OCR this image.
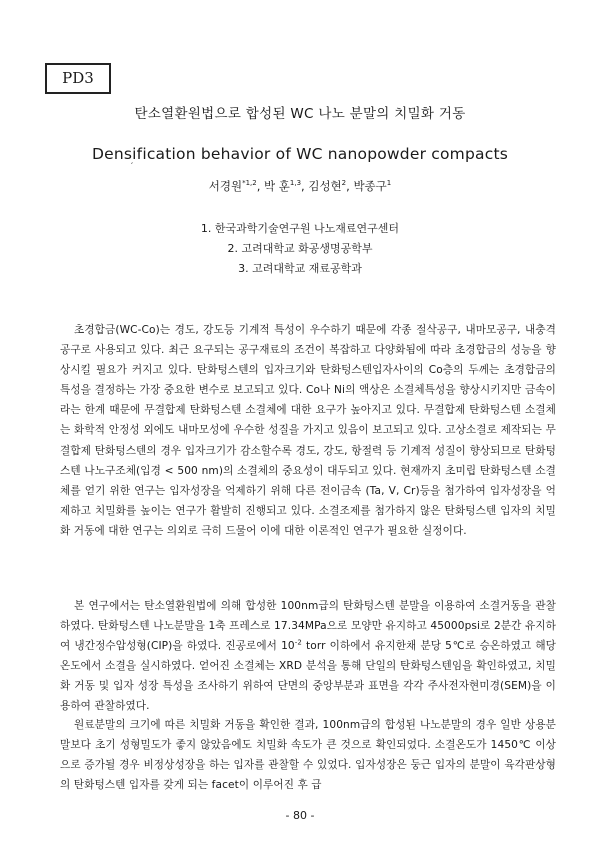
PD3
탄소열환원법으로 합성된 WC 나노 분말의 치밀화 거동
Densification behavior of WC nanopowder compacts
′
서경원$^{*1,2}$, 박 훈$^{1,3}$, 김성현$^2$, 박종구$^1$
1. 한국과학기술연구원 나노재료연구센터
2. 고려대학교 화공생명공학부
3. 고려대학교 재료공학과
초경합금(WC-Co)는 경도, 강도등 기계적 특성이 우수하기 때문에 각종 절삭공구, 내마모공구, 내충격공구로 사용되고 있다. 최근 요구되는 공구재료의 조건이 복잡하고 다양화됨에 따라 초경합금의 성능을 향상시킬 필요가 커지고 있다. 탄화텅스텐의 입자크기와 탄화텅스텐입자사이의 Co층의 두께는 초경합금의 특성을 결정하는 가장 중요한 변수로 보고되고 있다. Co나 Ni의 액상은 소결체특성을 향상시키지만 금속이라는 한계 때문에 무결합제 탄화텅스텐 소결체에 대한 요구가 높아지고 있다. 무결합제 탄화텅스텐 소결체는 화학적 안정성 외에도 내마모성에 우수한 성질을 가지고 있음이 보고되고 있다. 고상소결로 제작되는 무결합제 탄화텅스텐의 경우 입자크기가 감소할수록 경도, 강도, 항절력 등 기계적 성질이 향상되므로 탄화텅스텐 나노구조체(입경 < 500 nm)의 소결체의 중요성이 대두되고 있다. 현재까지 초미립 탄화텅스텐 소결체를 얻기 위한 연구는 입자성장을 억제하기 위해 다른 전이금속 (Ta, V, Cr)등을 첨가하여 입자성장을 억제하고 치밀화를 높이는 연구가 활발히 진행되고 있다. 소결조제를 첨가하지 않은 탄화텅스텐 입자의 치밀화 거동에 대한 연구는 의외로 극히 드물어 이에 대한 이론적인 연구가 필요한 실정이다.
본 연구에서는 탄소열환원법에 의해 합성한 100nm급의 탄화텅스텐 분말을 이용하여 소결거동을 관찰하였다. 탄화텅스텐 나노분말을 1축 프레스로 17.34MPa으로 모양만 유지하고 45000psi로 2분간 유지하여 냉간정수압성형(CIP)을 하였다. 진공로에서 $10^{-2}$ torr 이하에서 유지한채 분당 5℃로 승온하였고 해당온도에서 소결을 실시하였다. 얻어진 소결체는 XRD 분석을 통해 단일의 탄화텅스텐임을 확인하였고, 치밀화 거동 및 입자 성장 특성을 조사하기 위하여 단면의 중앙부분과 표면을 각각 주사전자현미경(SEM)을 이용하여 관찰하였다.
원료분말의 크기에 따른 치밀화 거동을 확인한 결과, 100nm급의 합성된 나노분말의 경우 일반 상용분말보다 초기 성형밀도가 좋지 않았음에도 치밀화 속도가 큰 것으로 확인되었다. 소결온도가 1450℃ 이상으로 증가될 경우 비정상성장을 하는 입자를 관찰할 수 있었다. 입자성장은 둥근 입자의 분말이 육각판상형의 탄화텅스텐 입자를 갖게 되는 facet이 이루어진 후 급
- 80 -
